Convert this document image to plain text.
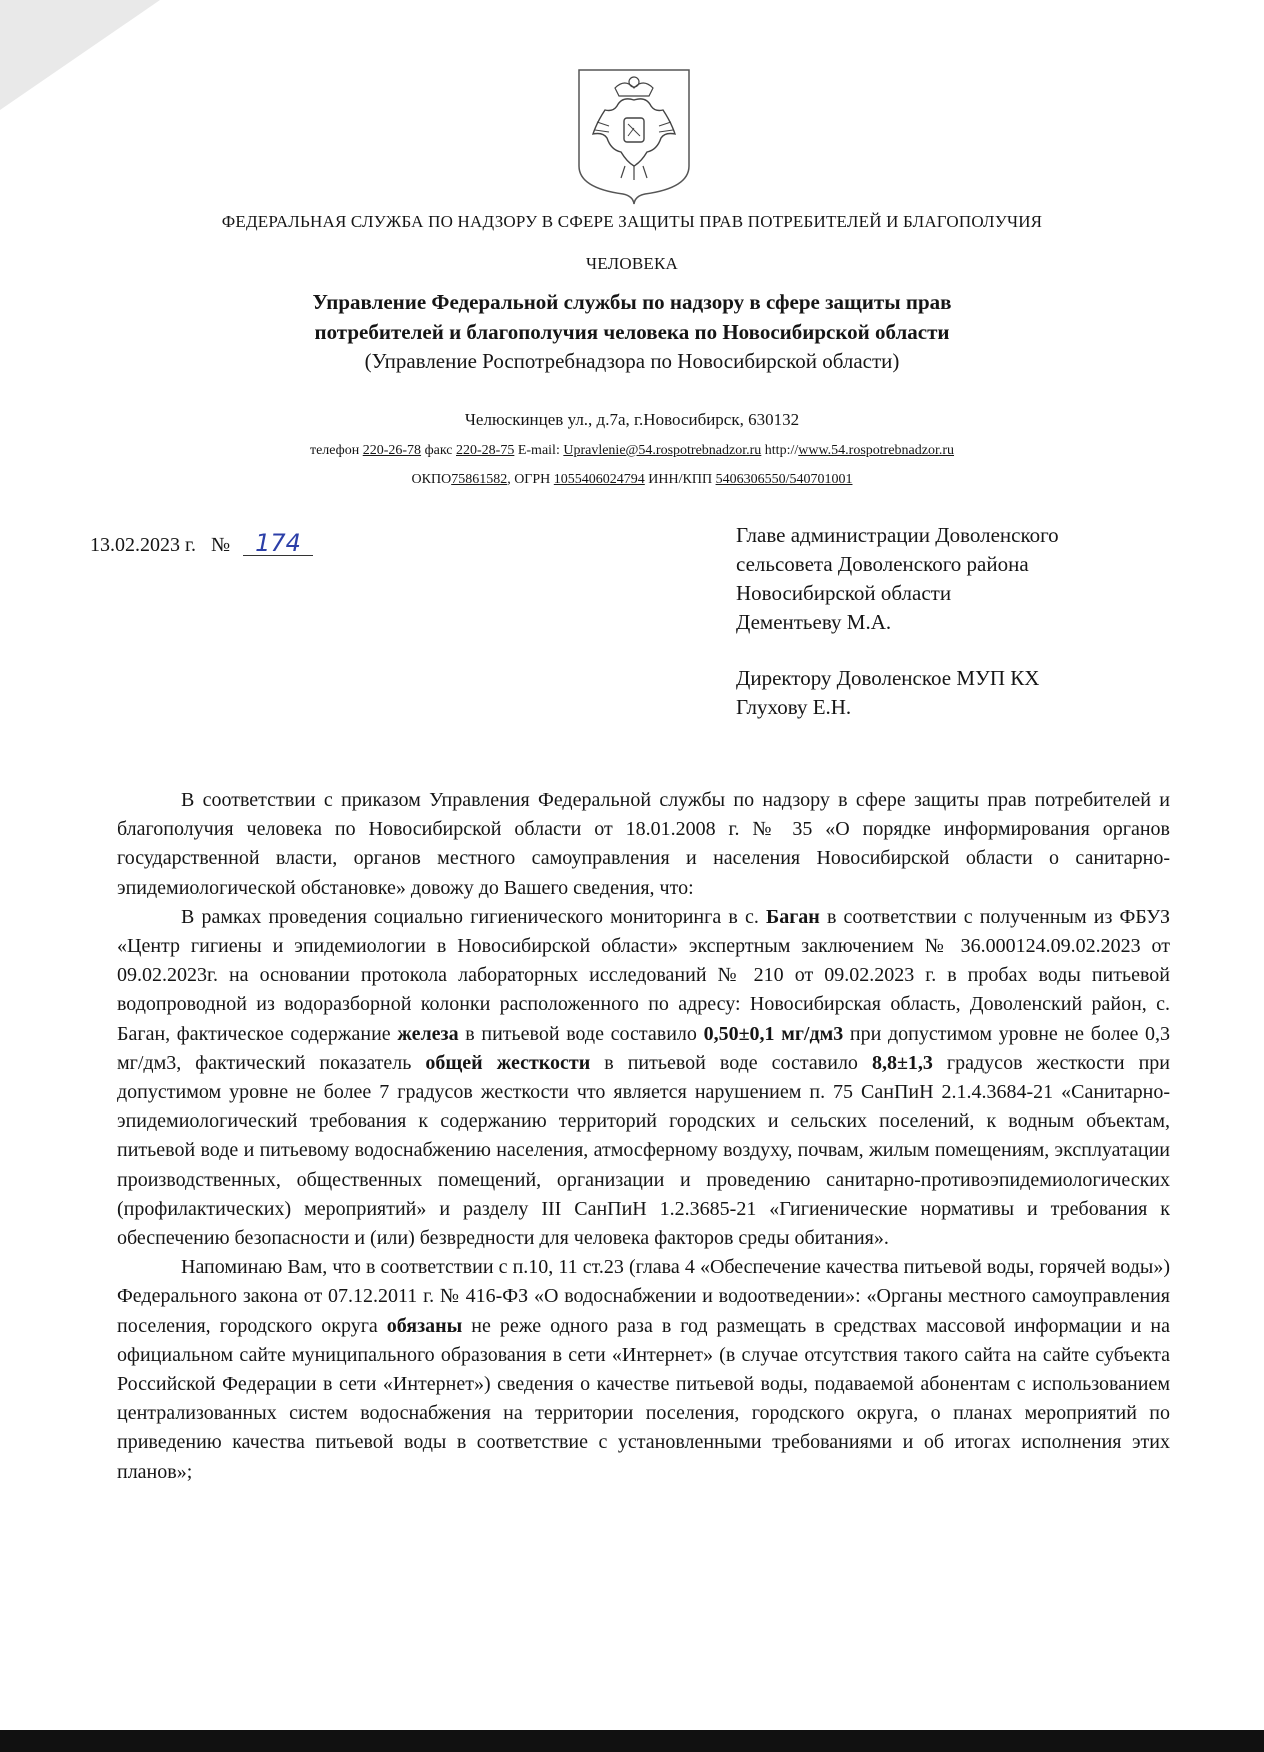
ФЕДЕРАЛЬНАЯ СЛУЖБА ПО НАДЗОРУ В СФЕРЕ ЗАЩИТЫ ПРАВ ПОТРЕБИТЕЛЕЙ И БЛАГОПОЛУЧИЯ
ЧЕЛОВЕКА
Управление Федеральной службы по надзору в сфере защиты прав
потребителей и благополучия человека по Новосибирской области
(Управление Роспотребнадзора по Новосибирской области)
Челюскинцев ул., д.7а, г.Новосибирск, 630132
телефон 220-26-78 факс 220-28-75 E-mail: Upravlenie@54.rospotrebnadzor.ru http://www.54.rospotrebnadzor.ru
ОКПО75861582, ОГРН 1055406024794 ИНН/КПП 5406306550/540701001
13.02.2023 г. № 174	Главе администрации Доволенского
сельсовета Доволенского района
Новосибирской области
Дементьеву М.А.
Директору Доволенское МУП КХ
Глухову Е.Н.

В соответствии с приказом Управления Федеральной службы по надзору в сфере защиты прав потребителей и благополучия человека по Новосибирской области от 18.01.2008 г. № 35 «О порядке информирования органов государственной власти, органов местного самоуправления и населения Новосибирской области о санитарно-эпидемиологической обстановке» довожу до Вашего сведения, что:

В рамках проведения социально гигиенического мониторинга в с. Баган в соответствии с полученным из ФБУЗ «Центр гигиены и эпидемиологии в Новосибирской области» экспертным заключением № 36.000124.09.02.2023 от 09.02.2023г. на основании протокола лабораторных исследований № 210 от 09.02.2023 г. в пробах воды питьевой водопроводной из водоразборной колонки расположенного по адресу: Новосибирская область, Доволенский район, с. Баган, фактическое содержание железа в питьевой воде составило 0,50±0,1 мг/дм3 при допустимом уровне не более 0,3 мг/дм3, фактический показатель общей жесткости в питьевой воде составило 8,8±1,3 градусов жесткости при допустимом уровне не более 7 градусов жесткости что является нарушением п. 75 СанПиН 2.1.4.3684-21 «Санитарно-эпидемиологический требования к содержанию территорий городских и сельских поселений, к водным объектам, питьевой воде и питьевому водоснабжению населения, атмосферному воздуху, почвам, жилым помещениям, эксплуатации производственных, общественных помещений, организации и проведению санитарно-противоэпидемиологических (профилактических) мероприятий» и разделу III СанПиН 1.2.3685-21 «Гигиенические нормативы и требования к обеспечению безопасности и (или) безвредности для человека факторов среды обитания».

Напоминаю Вам, что в соответствии с п.10, 11 ст.23 (глава 4 «Обеспечение качества питьевой воды, горячей воды») Федерального закона от 07.12.2011 г. № 416-ФЗ «О водоснабжении и водоотведении»: «Органы местного самоуправления поселения, городского округа обязаны не реже одного раза в год размещать в средствах массовой информации и на официальном сайте муниципального образования в сети «Интернет» (в случае отсутствия такого сайта на сайте субъекта Российской Федерации в сети «Интернет») сведения о качестве питьевой воды, подаваемой абонентам с использованием централизованных систем водоснабжения на территории поселения, городского округа, о планах мероприятий по приведению качества питьевой воды в соответствие с установленными требованиями и об итогах исполнения этих планов»;
